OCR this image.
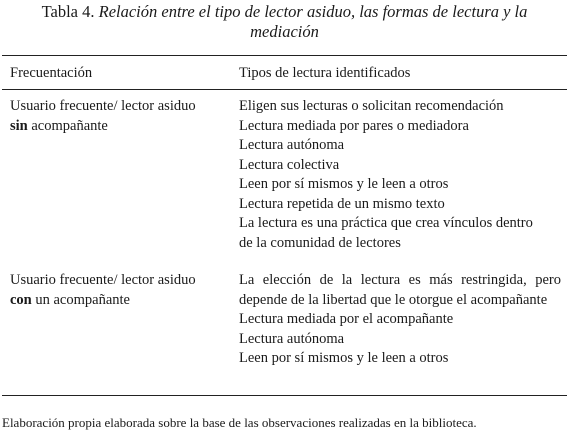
Tabla 4. Relación entre el tipo de lector asiduo, las formas de lectura y la
mediación
Frecuentación	Tipos de lectura identificados
Usuario frecuente/ lector asiduo
sin acompañante
Eligen sus lecturas o solicitan recomendación
Lectura mediada por pares o mediadora
Lectura autónoma
Lectura colectiva
Leen por sí mismos y le leen a otros
Lectura repetida de un mismo texto
La lectura es una práctica que crea vínculos dentro
de la comunidad de lectores
Usuario frecuente/ lector asiduo
con un acompañante
La elección de la lectura es más restringida, pero
depende de la libertad que le otorgue el acompañante
Lectura mediada por el acompañante
Lectura autónoma
Leen por sí mismos y le leen a otros
Elaboración propia elaborada sobre la base de las observaciones realizadas en la biblioteca.
